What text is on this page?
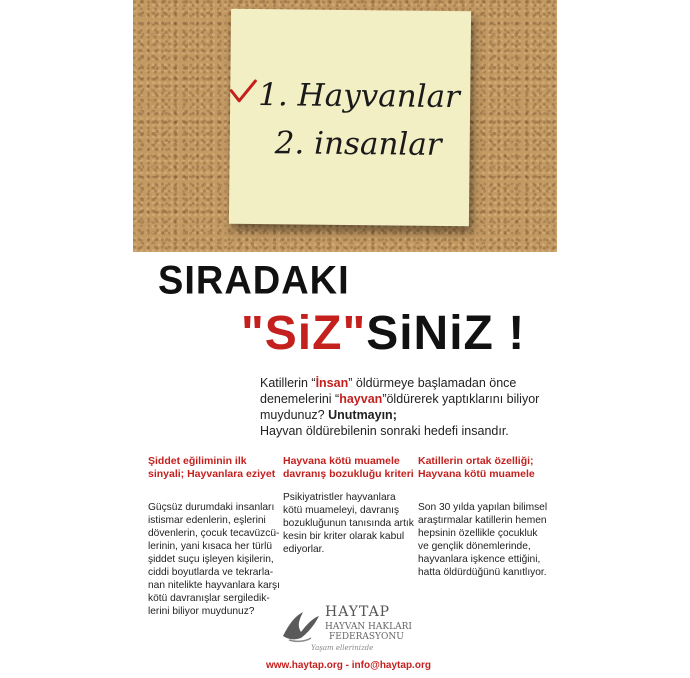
1. Hayvanlar
2. insanlar
SIRADAKI
"SiZ"SiNiZ !
Katillerin “İnsan” öldürmeye başlamadan önce denemelerini “hayvan”öldürerek yaptıklarını biliyor muydunuz? Unutmayın;
Hayvan öldürebilenin sonraki hedefi insandır.
Şiddet eğiliminin ilk sinyali; Hayvanlara eziyet
Güçsüz durumdaki insanları istismar edenlerin, eşlerini dövenlerin, çocuk tecavüzcü-lerinin, yani kısaca her türlü şiddet suçu işleyen kişilerin, ciddi boyutlarda ve tekrarla-nan nitelikte hayvanlara karşı kötü davranışlar sergiledik-lerini biliyor muydunuz?
Hayvana kötü muamele davranış bozukluğu kriteri
Psikiyatristler hayvanlara kötü muameleyi, davranış bozukluğunun tanısında artık kesin bir kriter olarak kabul ediyorlar.
Katillerin ortak özelliği; Hayvana kötü muamele
Son 30 yılda yapılan bilimsel araştırmalar katillerin hemen hepsinin özellikle çocukluk ve gençlik dönemlerinde, hayvanlara işkence ettiğini, hatta öldürdüğünü kanıtlıyor.
HAYTAP
HAYVAN HAKLARI
FEDERASYONU
Yaşam ellerinizde
www.haytap.org - info@haytap.org
